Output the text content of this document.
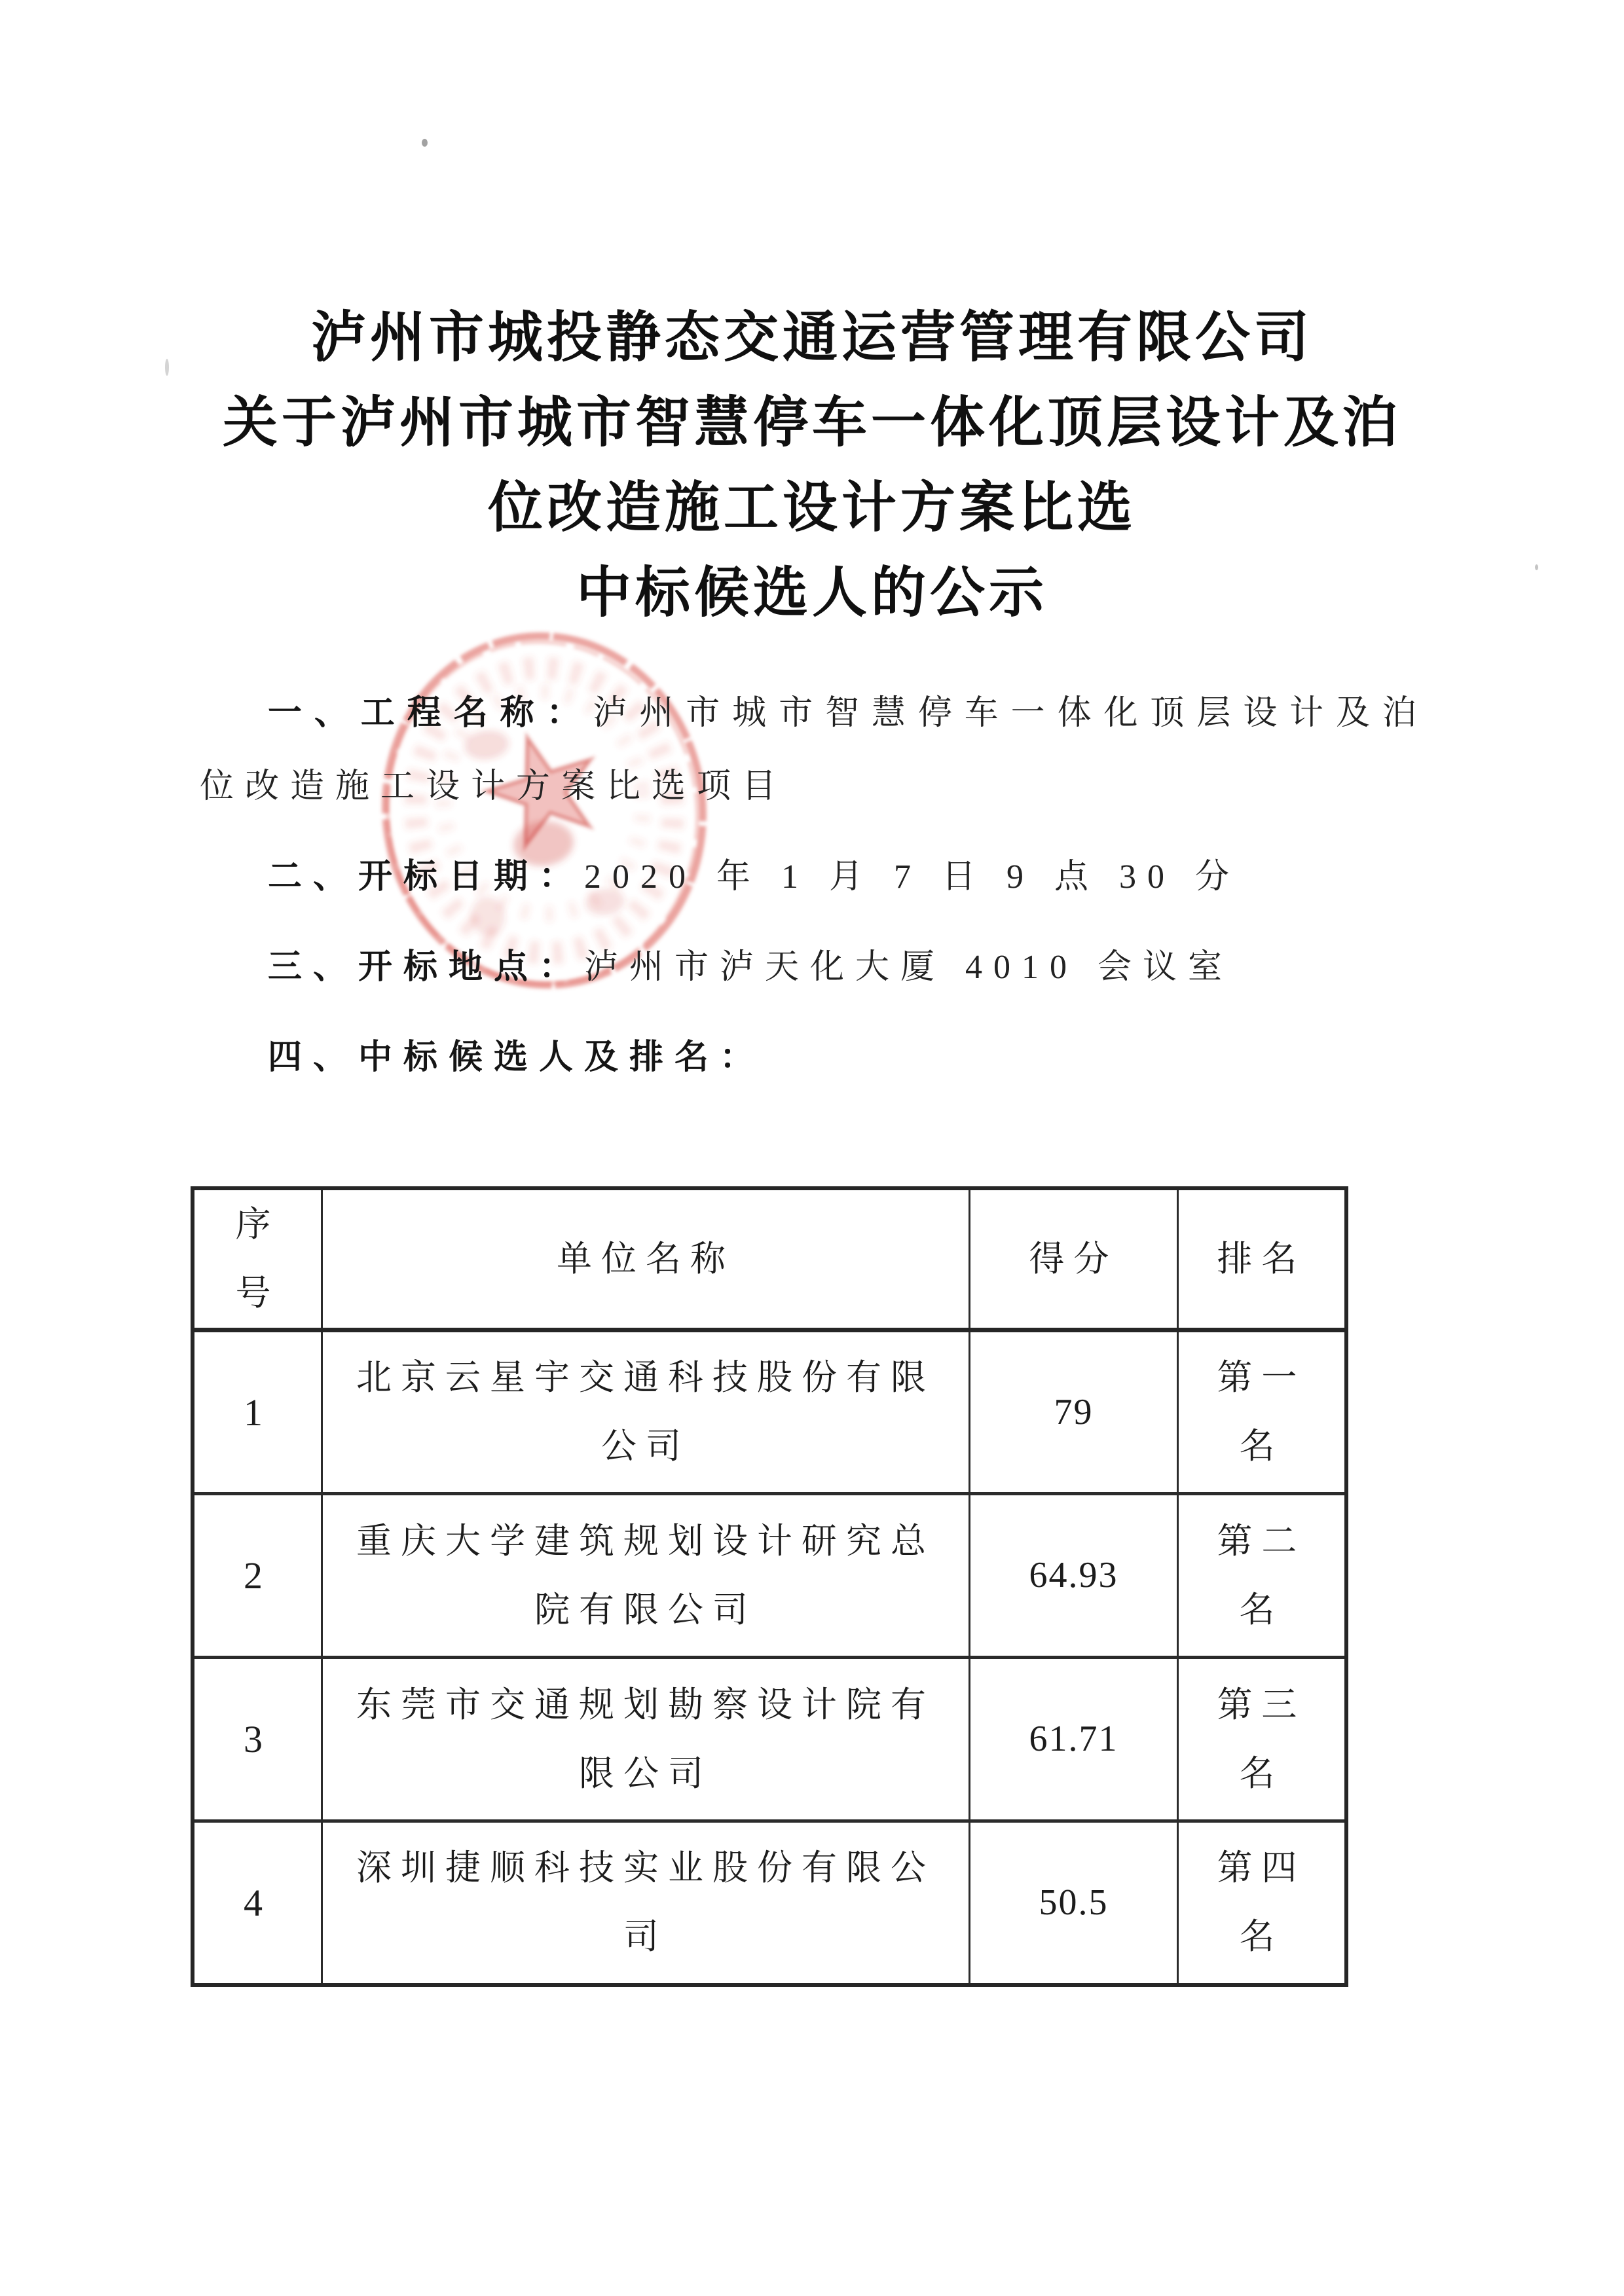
泸州市城投静态交通运营管理有限公司
关于泸州市城市智慧停车一体化顶层设计及泊
位改造施工设计方案比选
中标候选人的公示

一、工程名称：泸州市城市智慧停车一体化顶层设计及泊位改造施工设计方案比选项目

二、开标日期：2020 年 1 月 7 日 9 点 30 分

三、开标地点：泸州市泸天化大厦 4010 会议室

四、中标候选人及排名：

序号	单位名称	得分	排名
1	北京云星宇交通科技股份有限公司	79	第一名
2	重庆大学建筑规划设计研究总院有限公司	64.93	第二名
3	东莞市交通规划勘察设计院有限公司	61.71	第三名
4	深圳捷顺科技实业股份有限公司	50.5	第四名
